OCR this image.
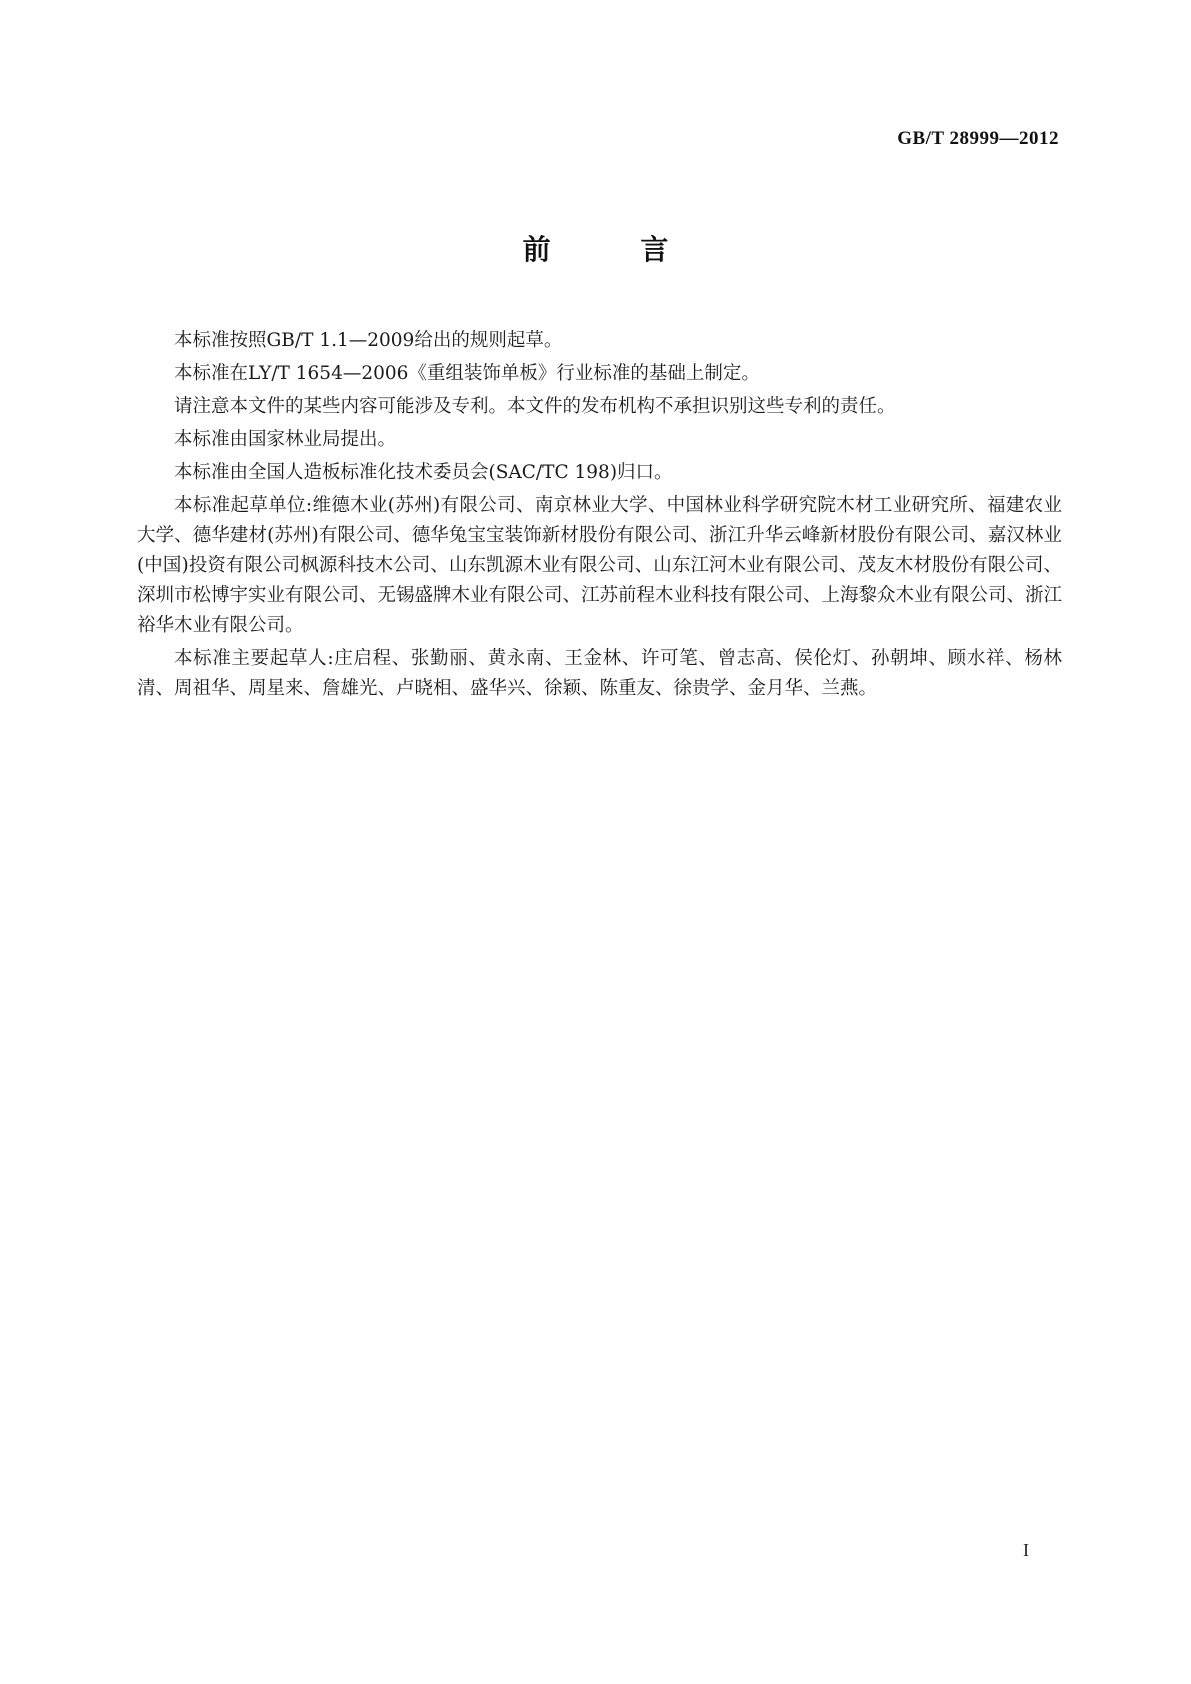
GB/T 28999—2012
前 言

本标准按照GB/T 1.1—2009给出的规则起草。

本标准在LY/T 1654—2006《重组装饰单板》行业标准的基础上制定。

请注意本文件的某些内容可能涉及专利。本文件的发布机构不承担识别这些专利的责任。

本标准由国家林业局提出。

本标准由全国人造板标准化技术委员会(SAC/TC 198)归口。

本标准起草单位:维德木业(苏州)有限公司、南京林业大学、中国林业科学研究院木材工业研究所、福建农业大学、德华建材(苏州)有限公司、德华兔宝宝装饰新材股份有限公司、浙江升华云峰新材股份有限公司、嘉汉林业(中国)投资有限公司枫源科技木公司、山东凯源木业有限公司、山东江河木业有限公司、茂友木材股份有限公司、深圳市松博宇实业有限公司、无锡盛牌木业有限公司、江苏前程木业科技有限公司、上海黎众木业有限公司、浙江裕华木业有限公司。

本标准主要起草人:庄启程、张勤丽、黄永南、王金林、许可笔、曾志高、侯伦灯、孙朝坤、顾水祥、杨林清、周祖华、周星来、詹雄光、卢晓相、盛华兴、徐颖、陈重友、徐贵学、金月华、兰燕。

I
